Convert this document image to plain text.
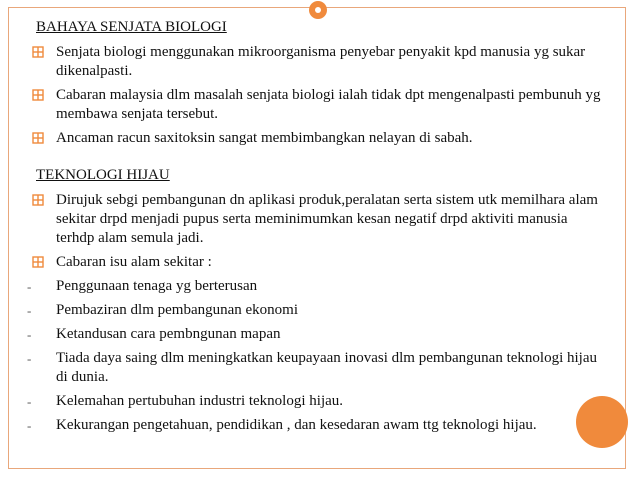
BAHAYA SENJATA BIOLOGI
Senjata biologi menggunakan mikroorganisma penyebar penyakit kpd manusia yg sukar dikenalpasti.
Cabaran malaysia dlm masalah senjata biologi ialah tidak dpt mengenalpasti pembunuh yg membawa senjata tersebut.
Ancaman racun saxitoksin sangat membimbangkan nelayan di sabah.
TEKNOLOGI HIJAU
Dirujuk sebgi pembangunan dn aplikasi produk,peralatan serta sistem utk memilhara alam sekitar drpd menjadi pupus serta meminimumkan kesan negatif drpd aktiviti manusia terhdp alam semula jadi.
Cabaran isu alam sekitar :
- Penggunaan tenaga yg berterusan
- Pembaziran dlm pembangunan ekonomi
- Ketandusan cara pembngunan mapan
- Tiada daya saing dlm meningkatkan keupayaan inovasi dlm pembangunan teknologi hijau di dunia.
- Kelemahan pertubuhan industri teknologi hijau.
- Kekurangan pengetahuan, pendidikan , dan kesedaran awam ttg teknologi hijau.
